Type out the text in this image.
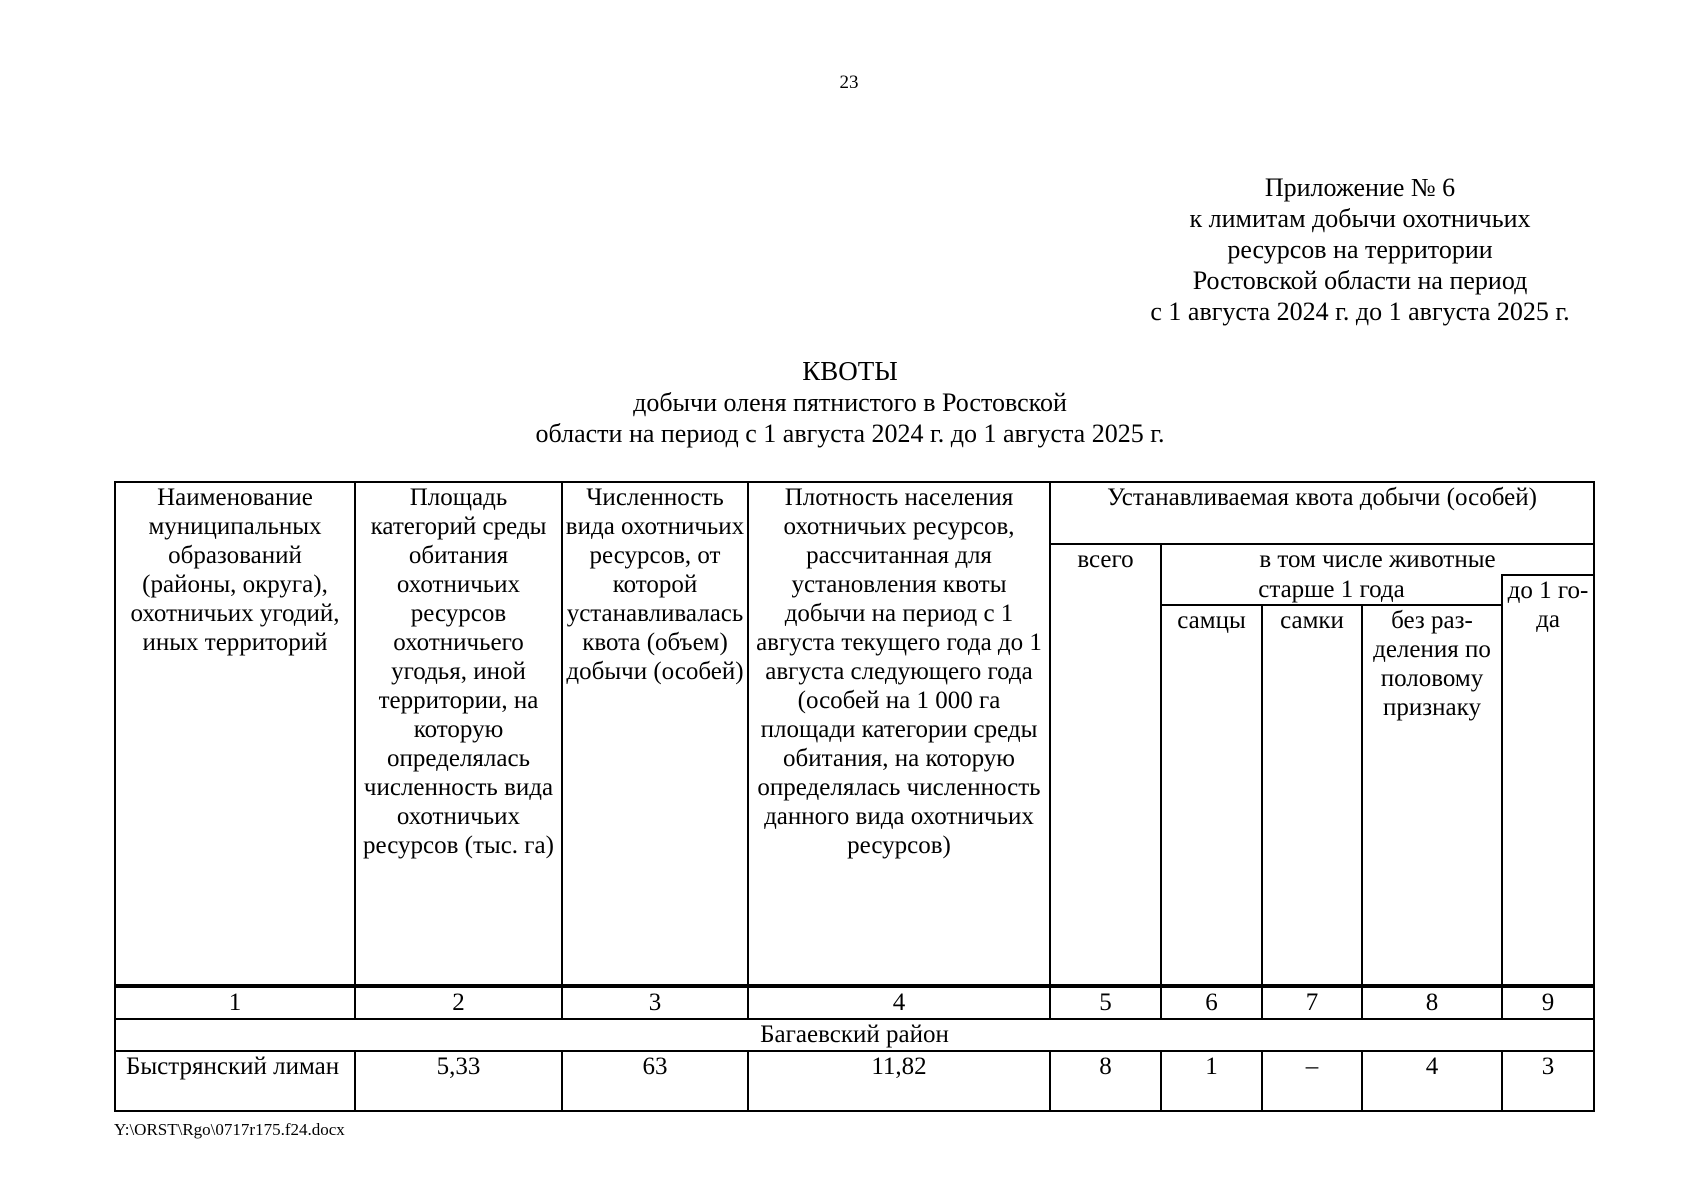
23
Приложение № 6
к лимитам добычи охотничьих
ресурсов на территории
Ростовской области на период
с 1 августа 2024 г. до 1 августа 2025 г.
КВОТЫ
добычи оленя пятнистого в Ростовской
области на период с 1 августа 2024 г. до 1 августа 2025 г.
Наименование муниципальных образований (районы, округа), охотничьих угодий, иных территорий	Площадь категорий среды обитания охотничьих ресурсов охотничьего угодья, иной территории, на которую определялась численность вида охотничьих ресурсов (тыс. га)	Численность вида охотничьих ресурсов, от которой устанавливалась квота (объем) добычи (особей)	Плотность населения охотничьих ресурсов, рассчитанная для установления квоты добычи на период с 1 августа текущего года до 1 августа следующего года (особей на 1 000 га площади категории среды обитания, на которую определялась численность данного вида охотничьих ресурсов)	Устанавливаемая квота добычи (особей)				
				всего	в том числе животные			
					старше 1 года			до 1 года
					самцы	самки	без разделения по половому признаку	
1	2	3	4	5	6	7	8	9
Багаевский район								
Быстрянский лиман	5,33	63	11,82	8	1	–	4	3
Y:\ORST\Rgo\0717r175.f24.docx
